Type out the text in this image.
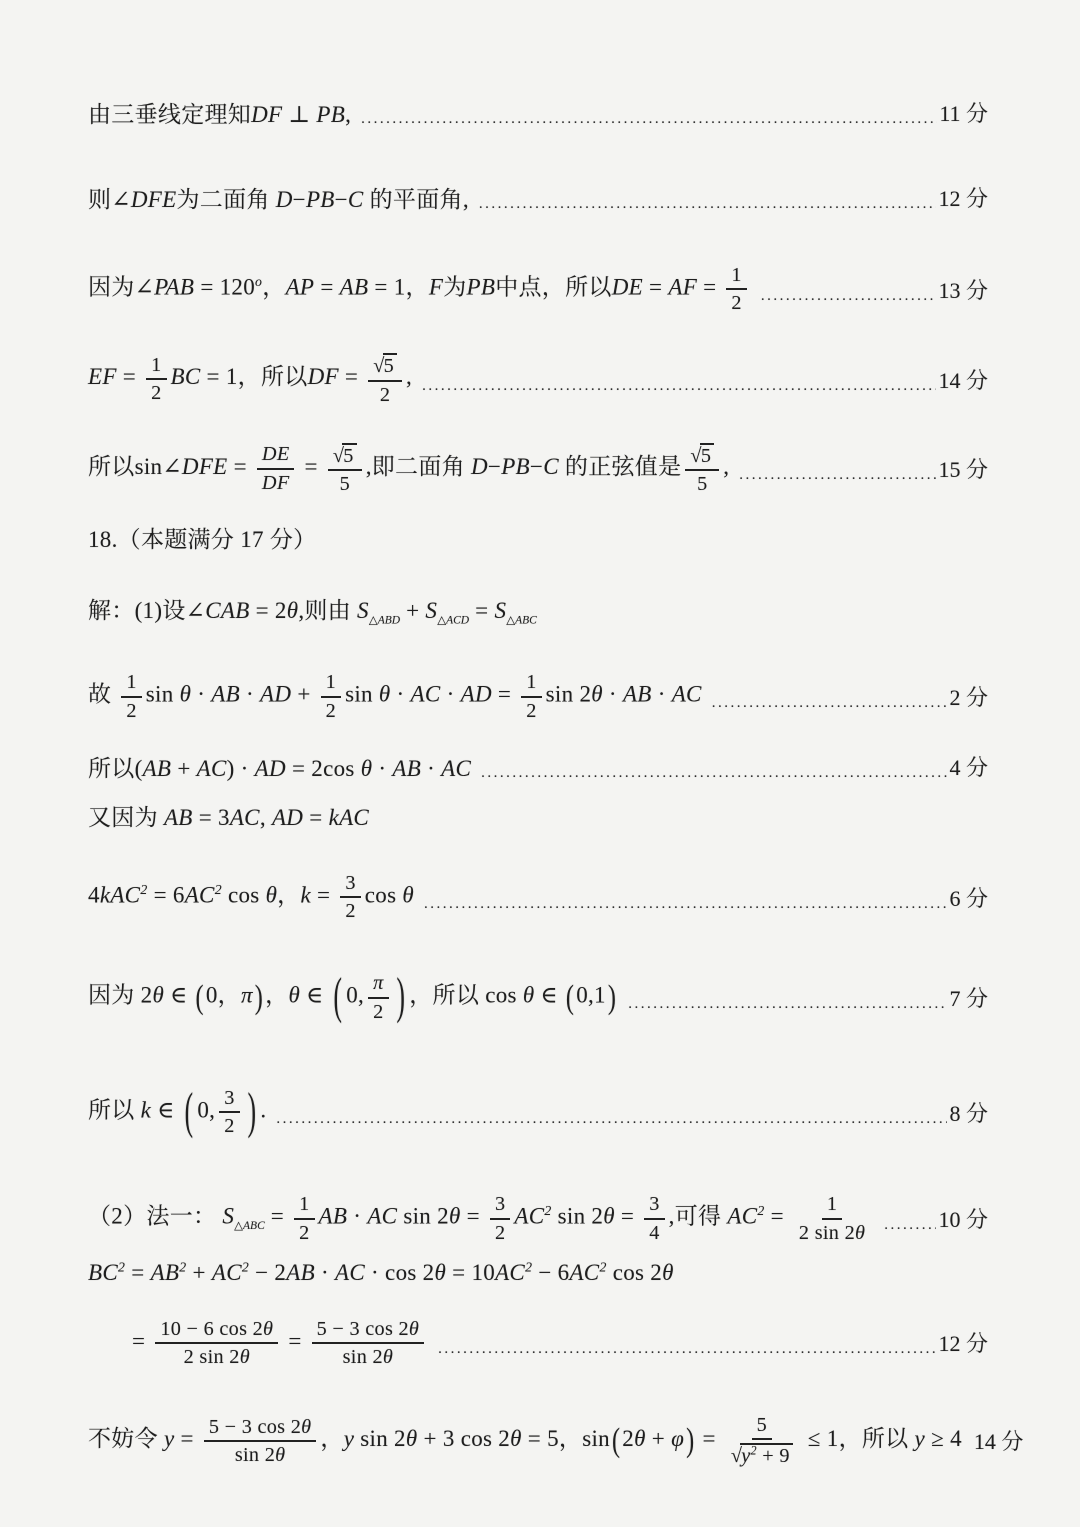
由三垂线定理知DF ⊥ PB, .....	11 分
则∠DFE为二面角 D−PB−C 的平面角, .....	12 分
因为∠PAB = $120^o$，AP = AB = 1，F为PB中点，所以DE = AF = $\frac{1}{2}$ .....	13 分
EF = $\frac{1}{2}$ BC = 1，所以DF = $\frac{√5}{2}$ , .....	14 分
所以sin∠DFE = $\frac{DE}{DF} = \frac{√5}{5}$ ,即二面角 D−PB−C 的正弦值是 $\frac{√5}{5}$ , .....	15 分
18.（本题满分 17 分）
解：(1)设∠CAB = 2θ,则由 $S_{\triangle ABD} + S_{\triangle ACD} = S_{\triangle ABC}$
故 $\frac{1}{2}$ sin θ · AB · AD + $\frac{1}{2}$ sin θ · AC · AD = $\frac{1}{2}$ sin 2θ · AB · AC .....	2 分
所以(AB + AC) · AD = 2cos θ · AB · AC .....	4 分
又因为 AB = 3AC, AD = kAC
$4kAC^2 = 6AC^2$ cos θ，$k = \frac{3}{2}$ cos θ .....	6 分
因为 2θ ∈ (0，π)，θ ∈ ( 0, $\frac{\pi}{2}$ ) ，所以 cos θ ∈ (0,1) .....	7 分
所以 k ∈ ( 0, $\frac{3}{2}$ ) . .....	8 分
（2）法一： $S_{\triangle ABC} = \frac{1}{2}$ AB · AC $\sin 2\theta = \frac{3}{2} AC^2$ $\sin 2\theta = \frac{3}{4}$ ,可得 $AC^2 = \frac{1}{2 \sin 2\theta}$ .....	10 分
$BC^2 = AB^2 + AC^2 - 2AB$ · AC · $\cos 2\theta = 10AC^2 - 6AC^2$ cos 2θ
= $\frac{10 - 6 \cos 2\theta}{2 \sin 2\theta} = \frac{5 - 3 \cos 2\theta}{\sin 2\theta}$ .....	12 分
不妨令 $y = \frac{5 - 3 \cos 2\theta}{\sin 2\theta}$ ，y sin 2θ + 3 cos 2θ = 5，$\sin(2\theta + \varphi) = \frac{5}{√y^2 + 9} \le 1$，所以 y ≥ 4 14 分
